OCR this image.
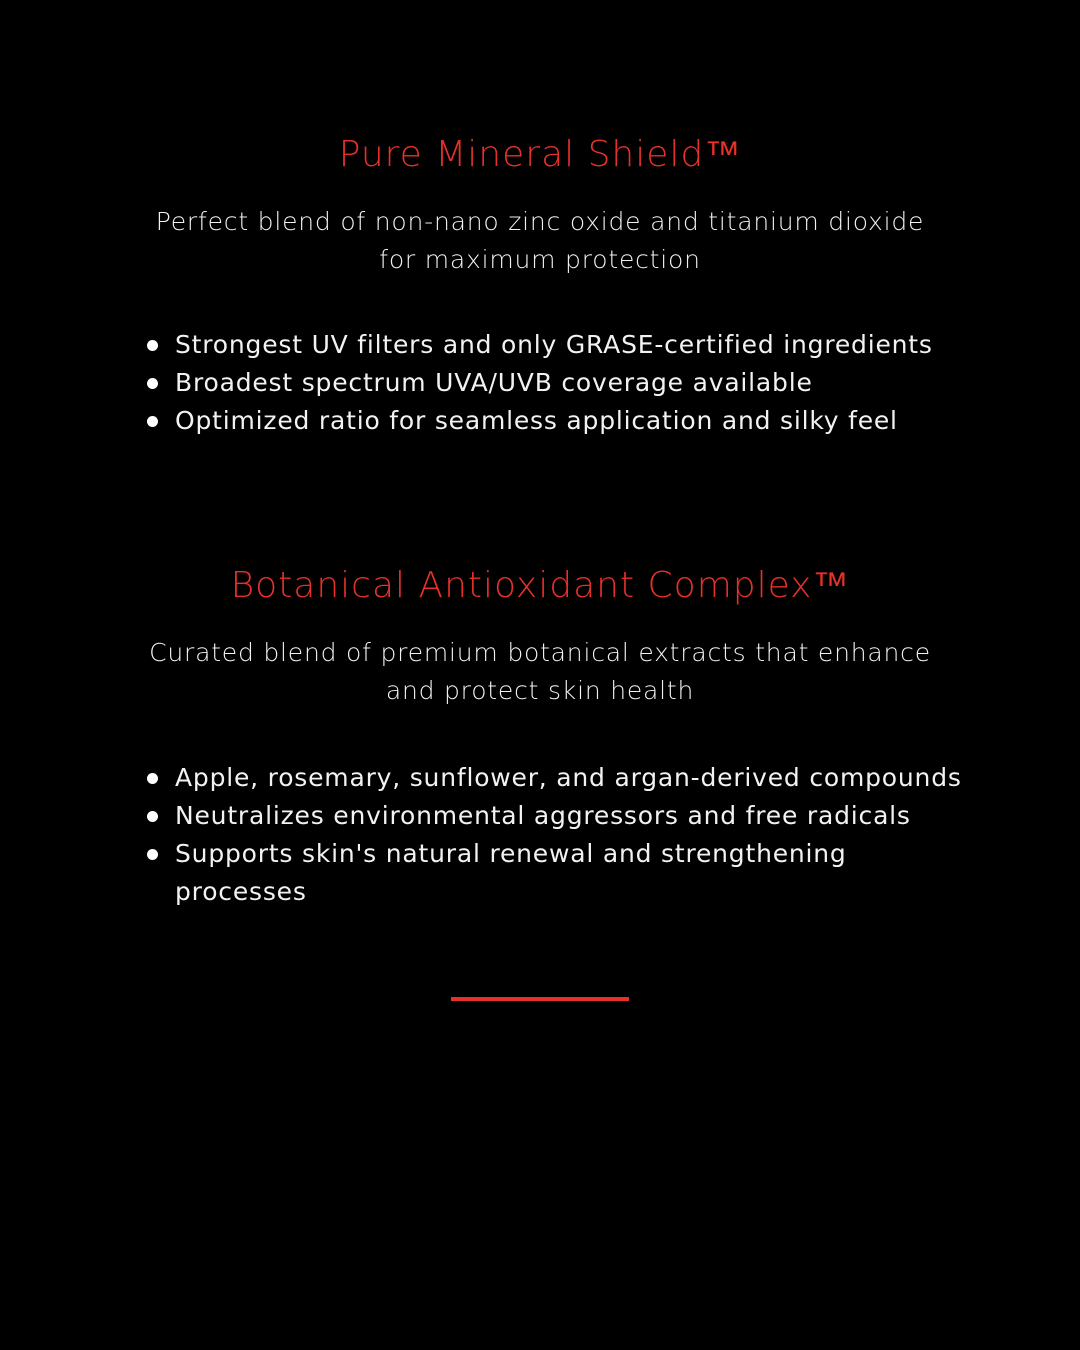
Pure Mineral Shield™

Perfect blend of non-nano zinc oxide and titanium dioxide for maximum protection

Strongest UV filters and only GRASE-certified ingredients
Broadest spectrum UVA/UVB coverage available
Optimized ratio for seamless application and silky feel
Botanical Antioxidant Complex™

Curated blend of premium botanical extracts that enhance and protect skin health

Apple, rosemary, sunflower, and argan-derived compounds
Neutralizes environmental aggressors and free radicals
Supports skin's natural renewal and strengthening processes
